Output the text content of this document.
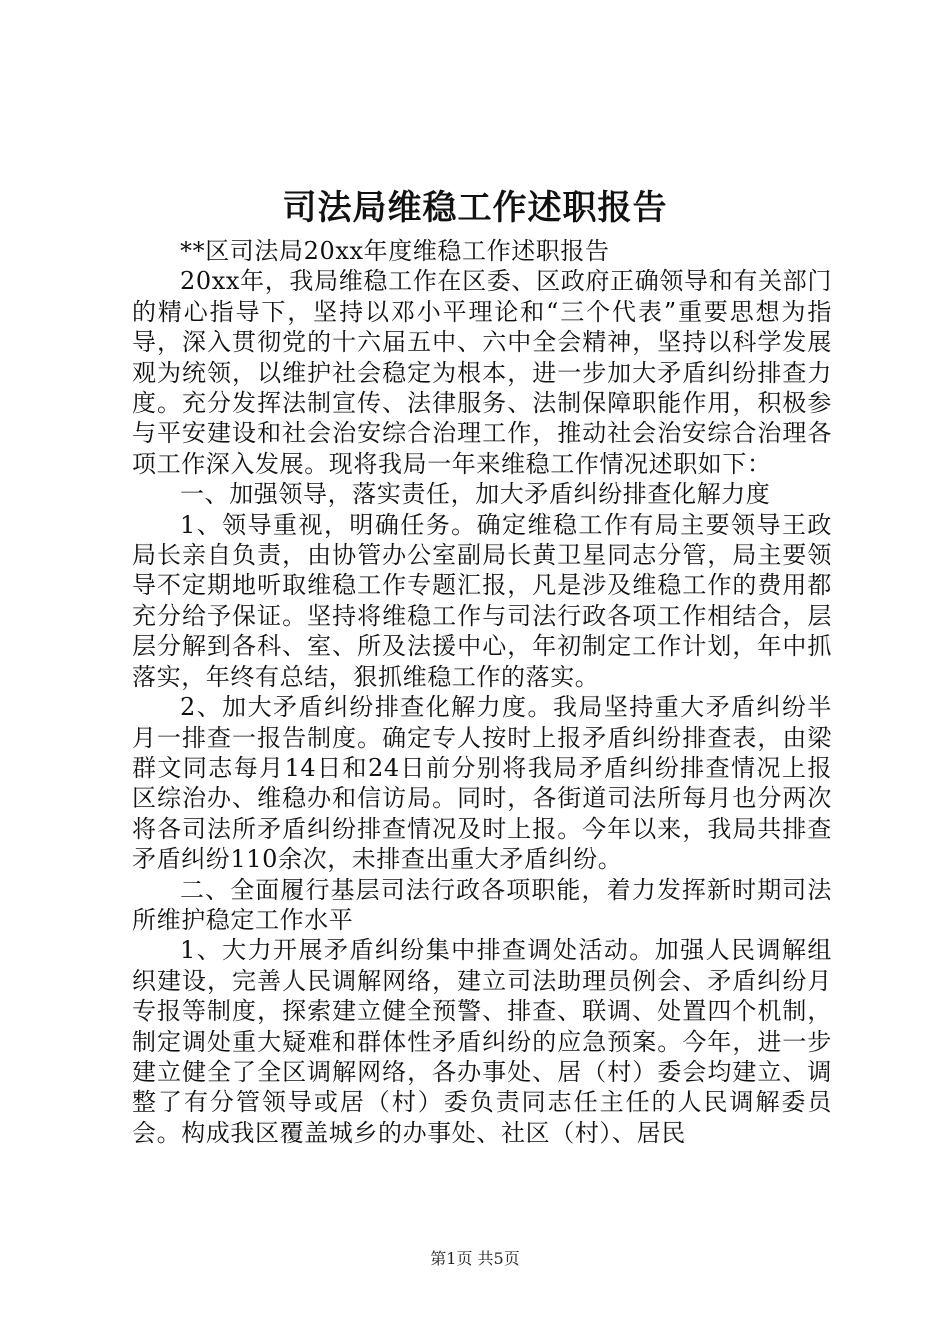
司法局维稳工作述职报告

**区司法局20xx年度维稳工作述职报告

20xx年，我局维稳工作在区委、区政府正确领导和有关部门的精心指导下，坚持以邓小平理论和“三个代表”重要思想为指导，深入贯彻党的十六届五中、六中全会精神，坚持以科学发展观为统领，以维护社会稳定为根本，进一步加大矛盾纠纷排查力度。充分发挥法制宣传、法律服务、法制保障职能作用，积极参与平安建设和社会治安综合治理工作，推动社会治安综合治理各项工作深入发展。现将我局一年来维稳工作情况述职如下：

一、加强领导，落实责任，加大矛盾纠纷排查化解力度

1、领导重视，明确任务。确定维稳工作有局主要领导王政局长亲自负责，由协管办公室副局长黄卫星同志分管，局主要领导不定期地听取维稳工作专题汇报，凡是涉及维稳工作的费用都充分给予保证。坚持将维稳工作与司法行政各项工作相结合，层层分解到各科、室、所及法援中心，年初制定工作计划，年中抓落实，年终有总结，狠抓维稳工作的落实。

2、加大矛盾纠纷排查化解力度。我局坚持重大矛盾纠纷半月一排查一报告制度。确定专人按时上报矛盾纠纷排查表，由梁群文同志每月14日和24日前分别将我局矛盾纠纷排查情况上报区综治办、维稳办和信访局。同时，各街道司法所每月也分两次将各司法所矛盾纠纷排查情况及时上报。今年以来，我局共排查矛盾纠纷110余次，未排查出重大矛盾纠纷。

二、全面履行基层司法行政各项职能，着力发挥新时期司法所维护稳定工作水平

1、大力开展矛盾纠纷集中排查调处活动。加强人民调解组织建设，完善人民调解网络，建立司法助理员例会、矛盾纠纷月专报等制度，探索建立健全预警、排查、联调、处置四个机制，制定调处重大疑难和群体性矛盾纠纷的应急预案。今年，进一步建立健全了全区调解网络，各办事处、居（村）委会均建立、调整了有分管领导或居（村）委负责同志任主任的人民调解委员会。构成我区覆盖城乡的办事处、社区（村）、居民

第1页 共5页
